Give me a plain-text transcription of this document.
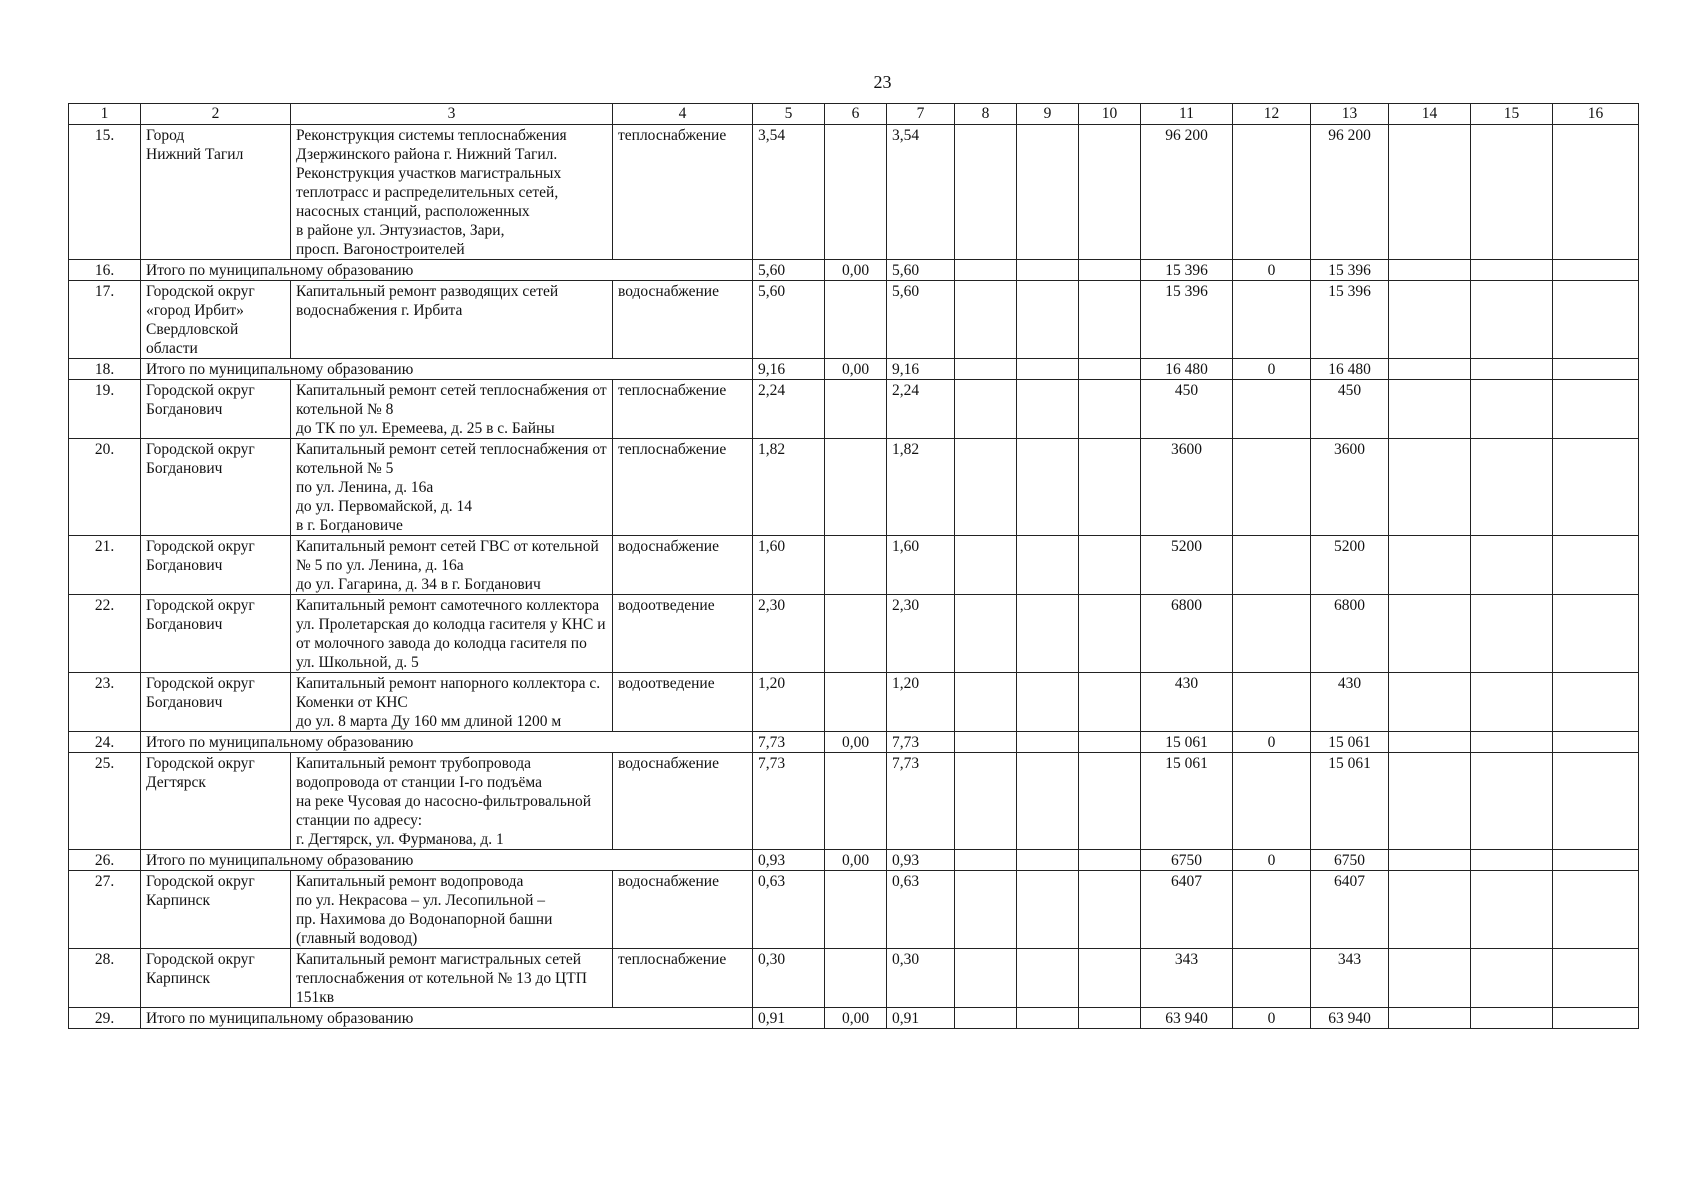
23
1	2	3	4	5	6	7	8	9	10	11	12	13	14	15	16
15.	Город
Нижний Тагил	Реконструкция системы теплоснабжения Дзержинского района г. Нижний Тагил. Реконструкция участков магистральных теплотрасс и распределительных сетей, насосных станций, расположенных
в районе ул. Энтузиастов, Зари,
просп. Вагоностроителей	теплоснабжение	3,54		3,54				96 200		96 200			
16.	Итого по муниципальному образованию			5,60	0,00	5,60				15 396	0	15 396			
17.	Городской округ «город Ирбит» Свердловской области	Капитальный ремонт разводящих сетей водоснабжения г. Ирбита	водоснабжение	5,60		5,60				15 396		15 396			
18.	Итого по муниципальному образованию			9,16	0,00	9,16				16 480	0	16 480			
19.	Городской округ Богданович	Капитальный ремонт сетей теплоснабжения от котельной № 8
до ТК по ул. Еремеева, д. 25 в с. Байны	теплоснабжение	2,24		2,24				450		450			
20.	Городской округ Богданович	Капитальный ремонт сетей теплоснабжения от котельной № 5
по ул. Ленина, д. 16а
до ул. Первомайской, д. 14
в г. Богдановиче	теплоснабжение	1,82		1,82				3600		3600			
21.	Городской округ Богданович	Капитальный ремонт сетей ГВС от котельной № 5 по ул. Ленина, д. 16а
до ул. Гагарина, д. 34 в г. Богданович	водоснабжение	1,60		1,60				5200		5200			
22.	Городской округ Богданович	Капитальный ремонт самотечного коллектора ул. Пролетарская до колодца гасителя у КНС и от молочного завода до колодца гасителя по ул. Школьной, д. 5	водоотведение	2,30		2,30				6800		6800			
23.	Городской округ Богданович	Капитальный ремонт напорного коллектора с. Коменки от КНС
до ул. 8 марта Ду 160 мм длиной 1200 м	водоотведение	1,20		1,20				430		430			
24.	Итого по муниципальному образованию			7,73	0,00	7,73				15 061	0	15 061			
25.	Городской округ Дегтярск	Капитальный ремонт трубопровода водопровода от станции I-го подъёма
на реке Чусовая до насосно-фильтровальной станции по адресу:
г. Дегтярск, ул. Фурманова, д. 1	водоснабжение	7,73		7,73				15 061		15 061			
26.	Итого по муниципальному образованию			0,93	0,00	0,93				6750	0	6750			
27.	Городской округ Карпинск	Капитальный ремонт водопровода
по ул. Некрасова – ул. Лесопильной –
пр. Нахимова до Водонапорной башни (главный водовод)	водоснабжение	0,63		0,63				6407		6407			
28.	Городской округ Карпинск	Капитальный ремонт магистральных сетей теплоснабжения от котельной № 13 до ЦТП 151кв	теплоснабжение	0,30		0,30				343		343			
29.	Итого по муниципальному образованию			0,91	0,00	0,91				63 940	0	63 940			
